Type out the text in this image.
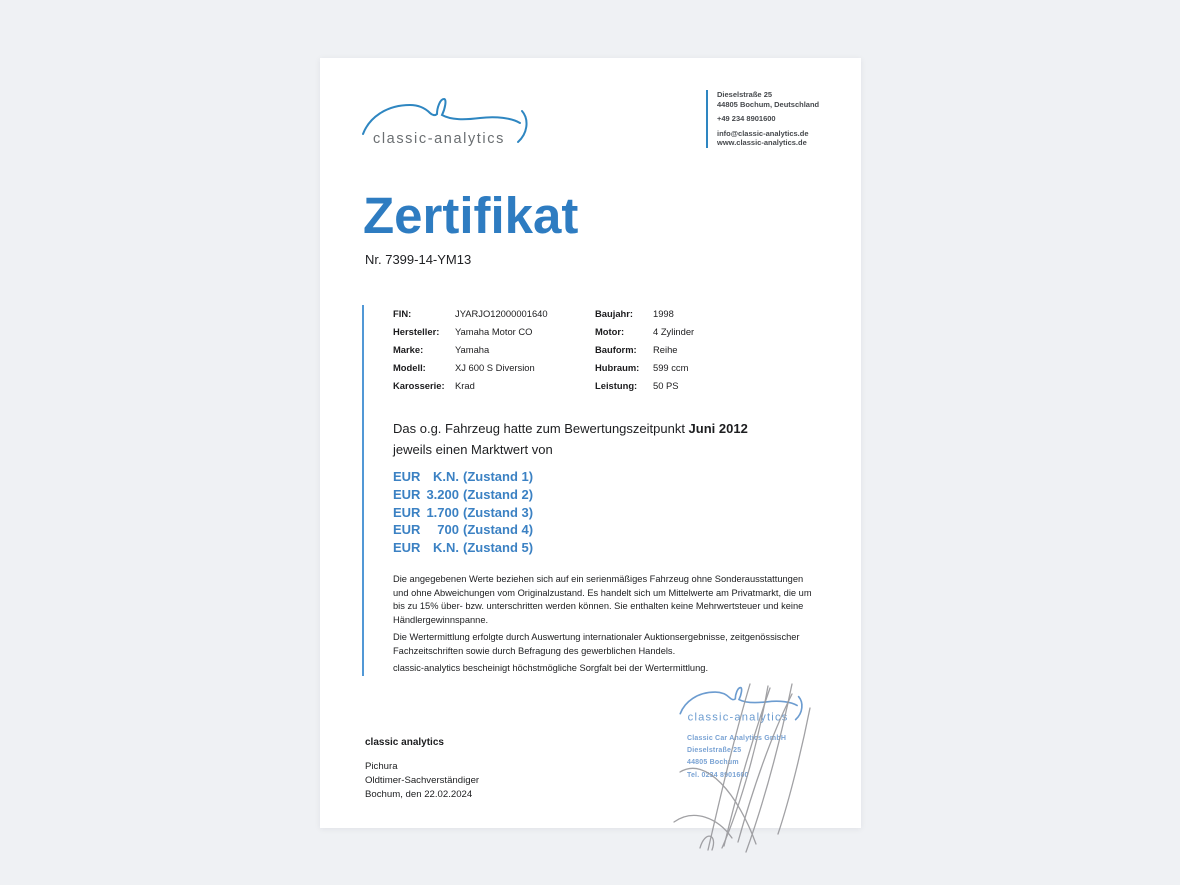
classic-analytics
Dieselstraße 25
44805 Bochum, Deutschland
+49 234 8901600
info@classic-analytics.de
www.classic-analytics.de
Zertifikat
Nr. 7399-14-YM13
FIN:	JYARJO12000001640	Baujahr:	1998
Hersteller:	Yamaha Motor CO	Motor:	4 Zylinder
Marke:	Yamaha	Bauform:	Reihe
Modell:	XJ 600 S Diversion	Hubraum:	599 ccm
Karosserie:	Krad	Leistung:	50 PS
Das o.g. Fahrzeug hatte zum Bewertungszeitpunkt Juni 2012
jeweils einen Marktwert von
EUR K.N. (Zustand 1)
EUR 3.200 (Zustand 2)
EUR 1.700 (Zustand 3)
EUR 700 (Zustand 4)
EUR K.N. (Zustand 5)

Die angegebenen Werte beziehen sich auf ein serienmäßiges Fahrzeug ohne Sonderausstattungen und ohne Abweichungen vom Originalzustand. Es handelt sich um Mittelwerte am Privatmarkt, die um bis zu 15% über- bzw. unterschritten werden können. Sie enthalten keine Mehrwertsteuer und keine Händlergewinnspanne.

Die Wertermittlung erfolgte durch Auswertung internationaler Auktionsergebnisse, zeitgenössischer Fachzeitschriften sowie durch Befragung des gewerblichen Handels.

classic-analytics bescheinigt höchstmögliche Sorgfalt bei der Wertermittlung.

classic analytics
Pichura
Oldtimer-Sachverständiger
Bochum, den 22.02.2024
classic-analytics
Classic Car Analytics GmbH
Dieselstraße 25
44805 Bochum
Tel. 0234 8901600
